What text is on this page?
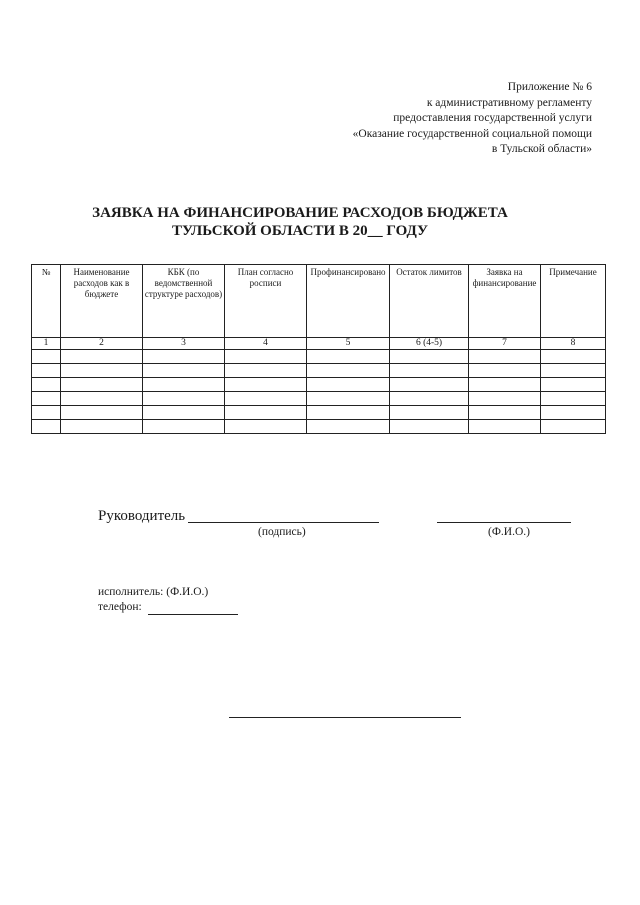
Приложение № 6
к административному регламенту
предоставления государственной услуги
«Оказание государственной социальной помощи
в Тульской области»
ЗАЯВКА НА ФИНАНСИРОВАНИЕ РАСХОДОВ БЮДЖЕТА
ТУЛЬСКОЙ ОБЛАСТИ В 20__ ГОДУ
№	Наименование расходов как в бюджете	КБК (по ведомственной структуре расходов)	План согласно росписи	Профинансировано	Остаток лимитов	Заявка на финансирование	Примечание
1	2	3	4	5	6 (4-5)	7	8

Руководитель
(подпись)	(Ф.И.О.)
исполнитель: (Ф.И.О.)
телефон:
